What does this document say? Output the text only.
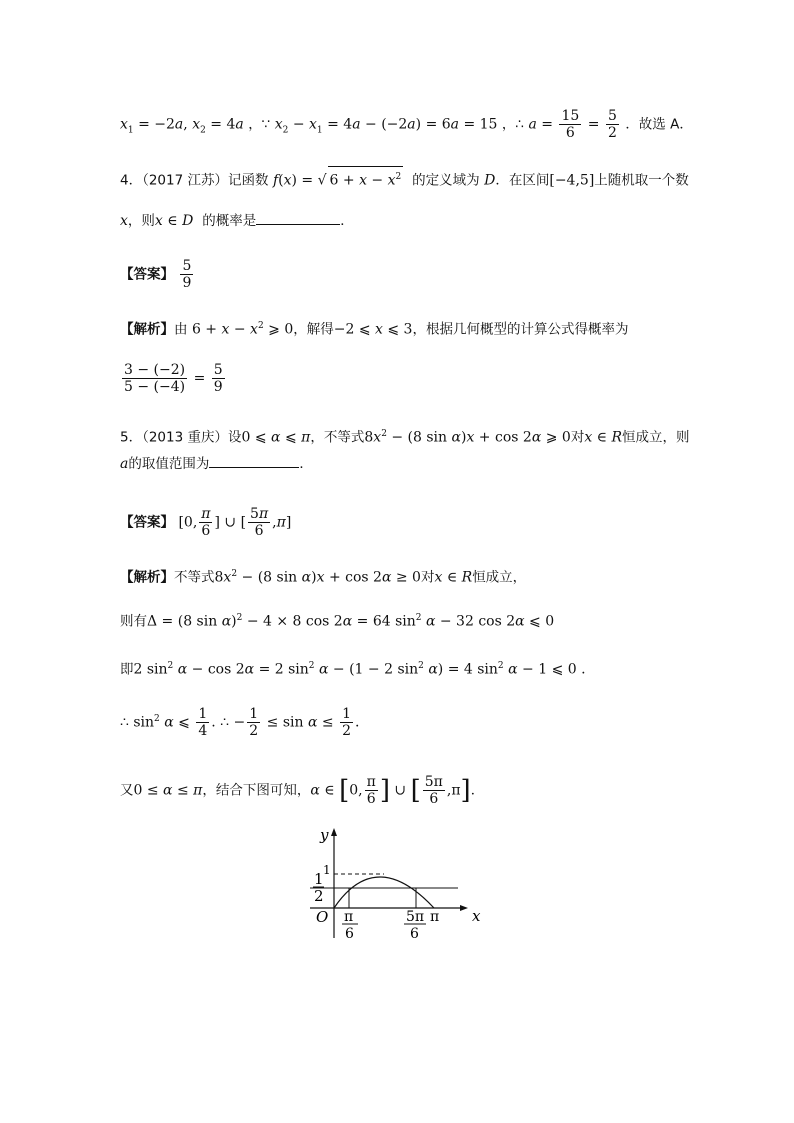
$x_1 = -2a$, $x_2 = 4a$ ，∵ $x_2 - x_1 = 4a - (-2a) = 6a = 15$ ，∴ $a = \frac{15}{6} = \frac{5}{2}$ ．故选 A．
4．（2017 江苏）记函数 f(x) = √ $6 + x - x^2$ 的定义域为 D．在区间[−4,5]上随机取一个数
x，则x ∈ D 的概率是	．
【答案】 $\frac{5}{9}$
【解析】由 $6 + x - x^2$ ⩾ 0，解得−2 ⩽ x ⩽ 3，根据几何概型的计算公式得概率为
$\frac{3 - (-2)}{5 - (-4)} = \frac{5}{9}$
5．（2013 重庆）设0 ⩽ α ⩽ π，不等式$8x^2 - (8$ sin α)x + cos 2α ⩾ 0对x ∈ R恒成立，则
a的取值范围为	．
【答案】 [0, $\frac{\pi}{6}$ ] ∪ [ $\frac{5\pi}{6} ,\pi$]
【解析】不等式$8x^2 - (8$ sin α)x + cos 2α ≥ 0对x ∈ R恒成立，
则有Δ = (8 sin α)$^2$ − 4 × 8 cos 2α = 64 $\sin^2 \alpha - 32$ cos 2α ⩽ 0
即2 $\sin^2 \alpha - \cos 2\alpha = 2$ $\sin^2 \alpha - (1 - 2$ $\sin^2 \alpha) = 4$ $\sin^2 \alpha - 1$ ⩽ 0 .
∴ $\sin^2 \alpha$ ⩽ $\frac{1}{4}$ . ∴ − $\frac{1}{2} \le \sin \alpha \le \frac{1}{2}$ .
又0 ≤ α ≤ π，结合下图可知，α ∈ [0, $\frac{\pi}{6}$ ] ∪ [ $\frac{5\pi}{6} ,\pi$]．
y
x
O
1
1
2
π
6
5π
6
π
